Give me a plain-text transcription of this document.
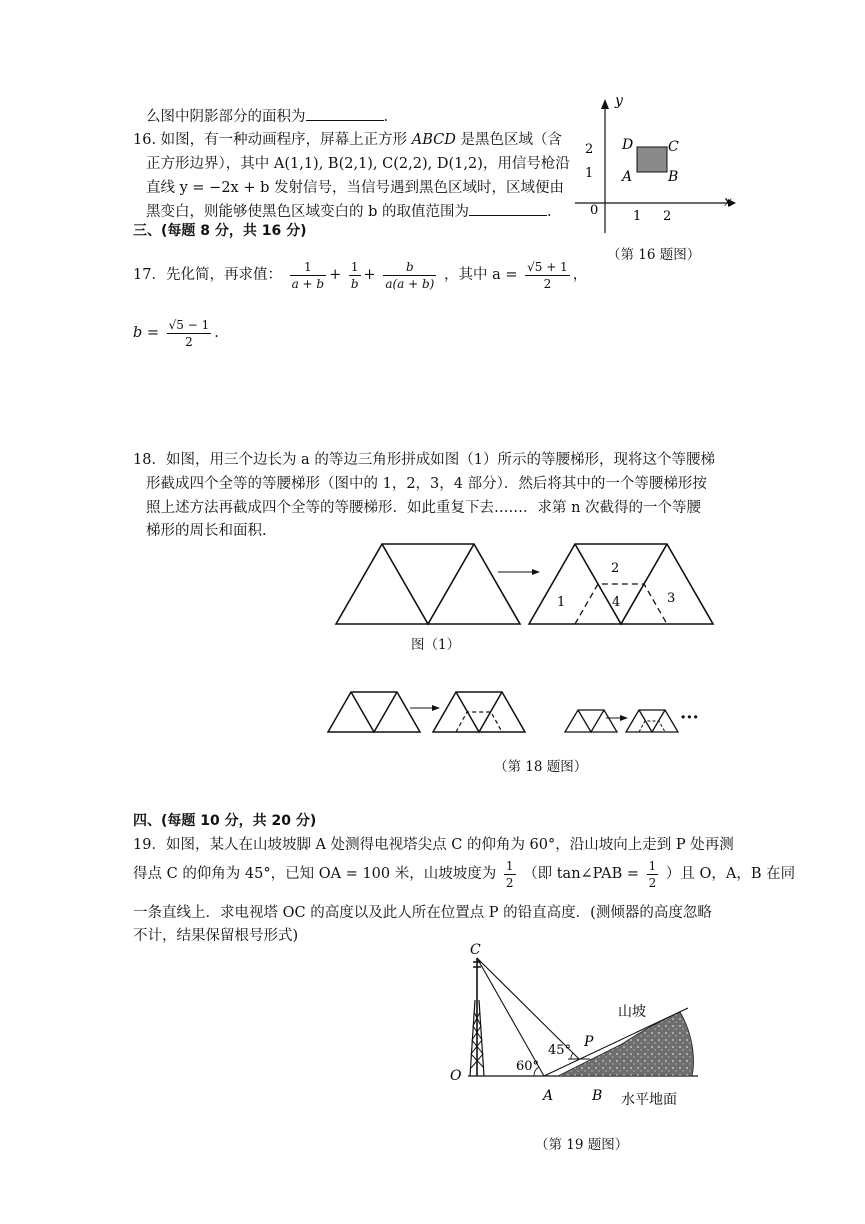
么图中阴影部分的面积为	.
16. 如图，有一种动画程序，屏幕上正方形 ABCD 是黑色区域（含
正方形边界），其中 A(1,1), B(2,1), C(2,2), D(1,2)，用信号枪沿
直线 y = −2x + b 发射信号，当信号遇到黑色区域时，区域便由
黑变白，则能够使黑色区域变白的 b 的取值范围为	.
y
x
0	1 2
1
2 D C
A	B
（第 16 题图）
三、(每题 8 分，共 16 分)
17．先化简，再求值： $\frac{1}{a + b} + \frac{1}{b} + \frac{b}{a(a + b)}$ ，其中 $a = \frac{√5 + 1}{2}$ ，
$b = \frac{√5 - 1}{2}$ .
18．如图，用三个边长为 a 的等边三角形拼成如图（1）所示的等腰梯形，现将这个等腰梯
形截成四个全等的等腰梯形（图中的 1，2，3，4 部分）．然后将其中的一个等腰梯形按
照上述方法再截成四个全等的等腰梯形．如此重复下去……．求第 n 次截得的一个等腰
梯形的周长和面积.
2
1	4	3
图（1）
···
（第 18 题图）
四、(每题 10 分，共 20 分)
19．如图，某人在山坡坡脚 A 处测得电视塔尖点 C 的仰角为 60°，沿山坡向上走到 P 处再测
得点 C 的仰角为 45°，已知 OA = 100 米，山坡坡度为 $\frac{1}{2}$ （即 tan∠PAB = $\frac{1}{2}$ ）且 O，A，B 在同
一条直线上．求电视塔 OC 的高度以及此人所在位置点 P 的铅直高度．(测倾器的高度忽略
不计，结果保留根号形式)
C
O
A	B
P
60°
45°
山坡
水平地面
（第 19 题图）
